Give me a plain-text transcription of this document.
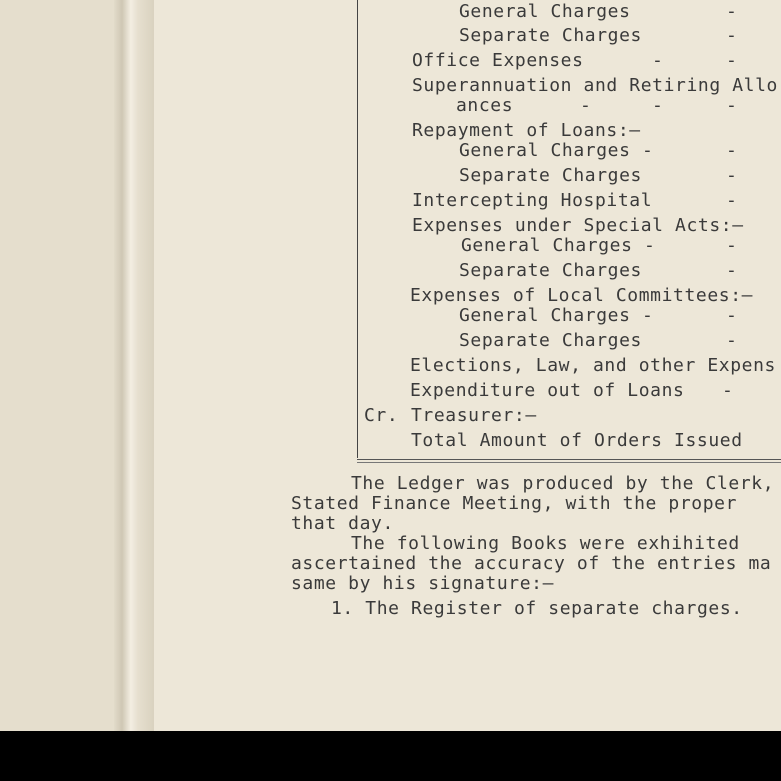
General Charges	-
Separate Charges	-
Office Expenses	-	-
Superannuation and Retiring Allo
ances	-	-	-
Repayment of Loans:—
General Charges -	-
Separate Charges	-
Intercepting Hospital	-
Expenses under Special Acts:—
General Charges -	-
Separate Charges	-
Expenses of Local Committees:—
General Charges -	-
Separate Charges	-
Elections, Law, and other Expens
Expenditure out of Loans -
Cr. Treasurer:—
Total Amount of Orders Issued
The Ledger was produced by the Clerk,
Stated Finance Meeting, with the proper
that day.
The following Books were exhihited
ascertained the accuracy of the entries ma
same by his signature:—
1. The Register of separate charges.
